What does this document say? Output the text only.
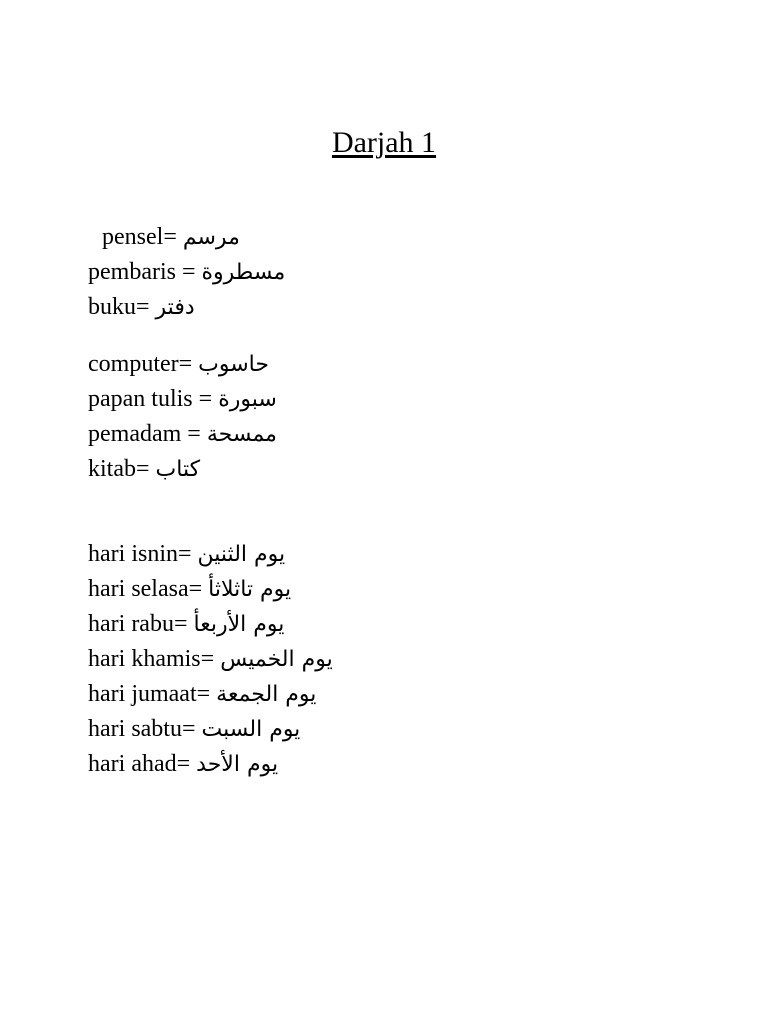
Darjah 1
pensel= مرسم
pembaris = مسطروة
buku= دفتر
computer= حاسوب
papan tulis = سبورة
pemadam = ممسحة
kitab= كتاب
hari isnin= يوم الثنين
hari selasa= يوم تاثلاثأ
hari rabu= يوم الأربعأ
hari khamis= يوم الخميس
hari jumaat= يوم الجمعة
hari sabtu= يوم السبت
hari ahad= يوم الأحد
